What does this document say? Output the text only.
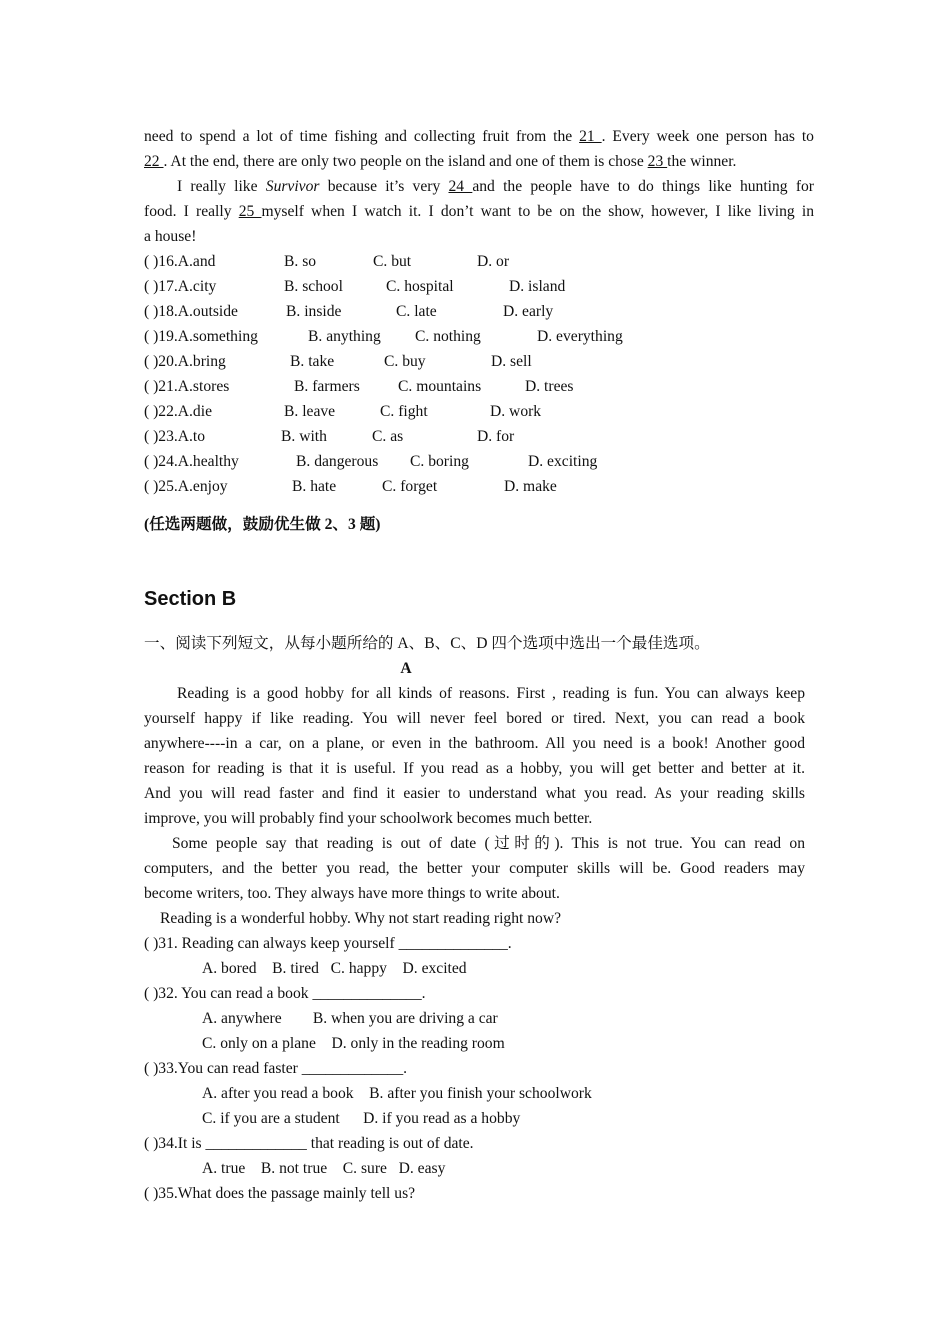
need to spend a lot of time fishing and collecting fruit from the 21 . Every week one person has to
22 . At the end, there are only two people on the island and one of them is chose 23 the winner.
I really like Survivor because it’s very 24 and the people have to do things like hunting for
food. I really 25 myself when I watch it. I don’t want to be on the show, however, I like living in
a house!
( )16.A.and	B. so	C. but	D. or
( )17.A.city	B. school	C. hospital	D. island
( )18.A.outside	B. inside	C. late	D. early
( )19.A.something	B. anything C. nothing	D. everything
( )20.A.bring	B. take	C. buy	D. sell
( )21.A.stores	B. farmers C. mountains	D. trees
( )22.A.die	B. leave	C. fight	D. work
( )23.A.to	B. with	C. as	D. for
( )24.A.healthy	B. dangerous C. boring	D. exciting
( )25.A.enjoy	B. hate	C. forget	D. make
(任选两题做，鼓励优生做 2、3 题)
Section B
一、阅读下列短文，从每小题所给的 A、B、C、D 四个选项中选出一个最佳选项。
A
Reading is a good hobby for all kinds of reasons. First , reading is fun. You can always keep
yourself happy if like reading. You will never feel bored or tired. Next, you can read a book
anywhere----in a car, on a plane, or even in the bathroom. All you need is a book! Another good
reason for reading is that it is useful. If you read as a hobby, you will get better and better at it.
And you will read faster and find it easier to understand what you read. As your reading skills
improve, you will probably find your schoolwork becomes much better.
Some people say that reading is out of date (过时的). This is not true. You can read on
computers, and the better you read, the better your computer skills will be. Good readers may
become writers, too. They always have more things to write about.
Reading is a wonderful hobby. Why not start reading right now?
( )31. Reading can always keep yourself ______________.
A. bored    B. tired   C. happy    D. excited
( )32. You can read a book ______________.
A. anywhere        B. when you are driving a car
C. only on a plane    D. only in the reading room
( )33.You can read faster _____________.
A. after you read a book    B. after you finish your schoolwork
C. if you are a student      D. if you read as a hobby
( )34.It is _____________ that reading is out of date.
A. true    B. not true    C. sure   D. easy
( )35.What does the passage mainly tell us?
